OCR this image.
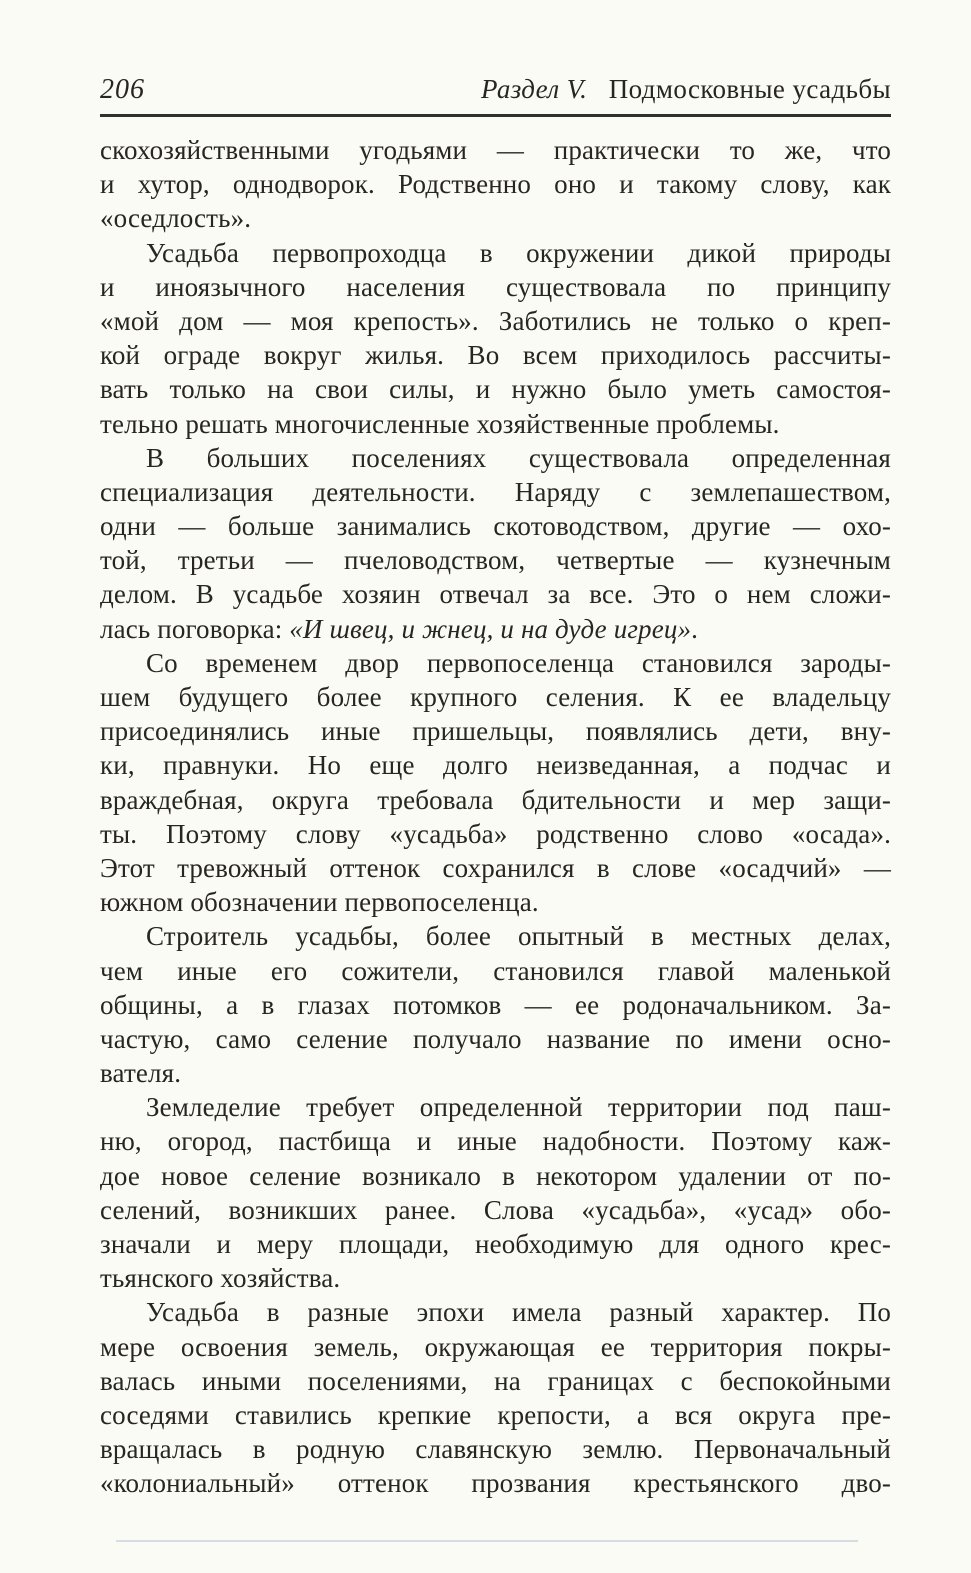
206	Раздел V. Подмосковные усадьбы
скохозяйственными угодьями — практически то же, что
и хутор, однодворок. Родственно оно и такому слову, как
«оседлость».
Усадьба первопроходца в окружении дикой природы
и иноязычного населения существовала по принципу
«мой дом — моя крепость». Заботились не только о креп-
кой ограде вокруг жилья. Во всем приходилось рассчиты-
вать только на свои силы, и нужно было уметь самостоя-
тельно решать многочисленные хозяйственные проблемы.
В больших поселениях существовала определенная
специализация деятельности. Наряду с землепашеством,
одни — больше занимались скотоводством, другие — охо-
той, третьи — пчеловодством, четвертые — кузнечным
делом. В усадьбе хозяин отвечал за все. Это о нем сложи-
лась поговорка: «И швец, и жнец, и на дуде игрец».
Со временем двор первопоселенца становился зароды-
шем будущего более крупного селения. К ее владельцу
присоединялись иные пришельцы, появлялись дети, вну-
ки, правнуки. Но еще долго неизведанная, а подчас и
враждебная, округа требовала бдительности и мер защи-
ты. Поэтому слову «усадьба» родственно слово «осада».
Этот тревожный оттенок сохранился в слове «осадчий» —
южном обозначении первопоселенца.
Строитель усадьбы, более опытный в местных делах,
чем иные его сожители, становился главой маленькой
общины, а в глазах потомков — ее родоначальником. За-
частую, само селение получало название по имени осно-
вателя.
Земледелие требует определенной территории под паш-
ню, огород, пастбища и иные надобности. Поэтому каж-
дое новое селение возникало в некотором удалении от по-
селений, возникших ранее. Слова «усадьба», «усад» обо-
значали и меру площади, необходимую для одного крес-
тьянского хозяйства.
Усадьба в разные эпохи имела разный характер. По
мере освоения земель, окружающая ее территория покры-
валась иными поселениями, на границах с беспокойными
соседями ставились крепкие крепости, а вся округа пре-
вращалась в родную славянскую землю. Первоначальный
«колониальный» оттенок прозвания крестьянского дво-
